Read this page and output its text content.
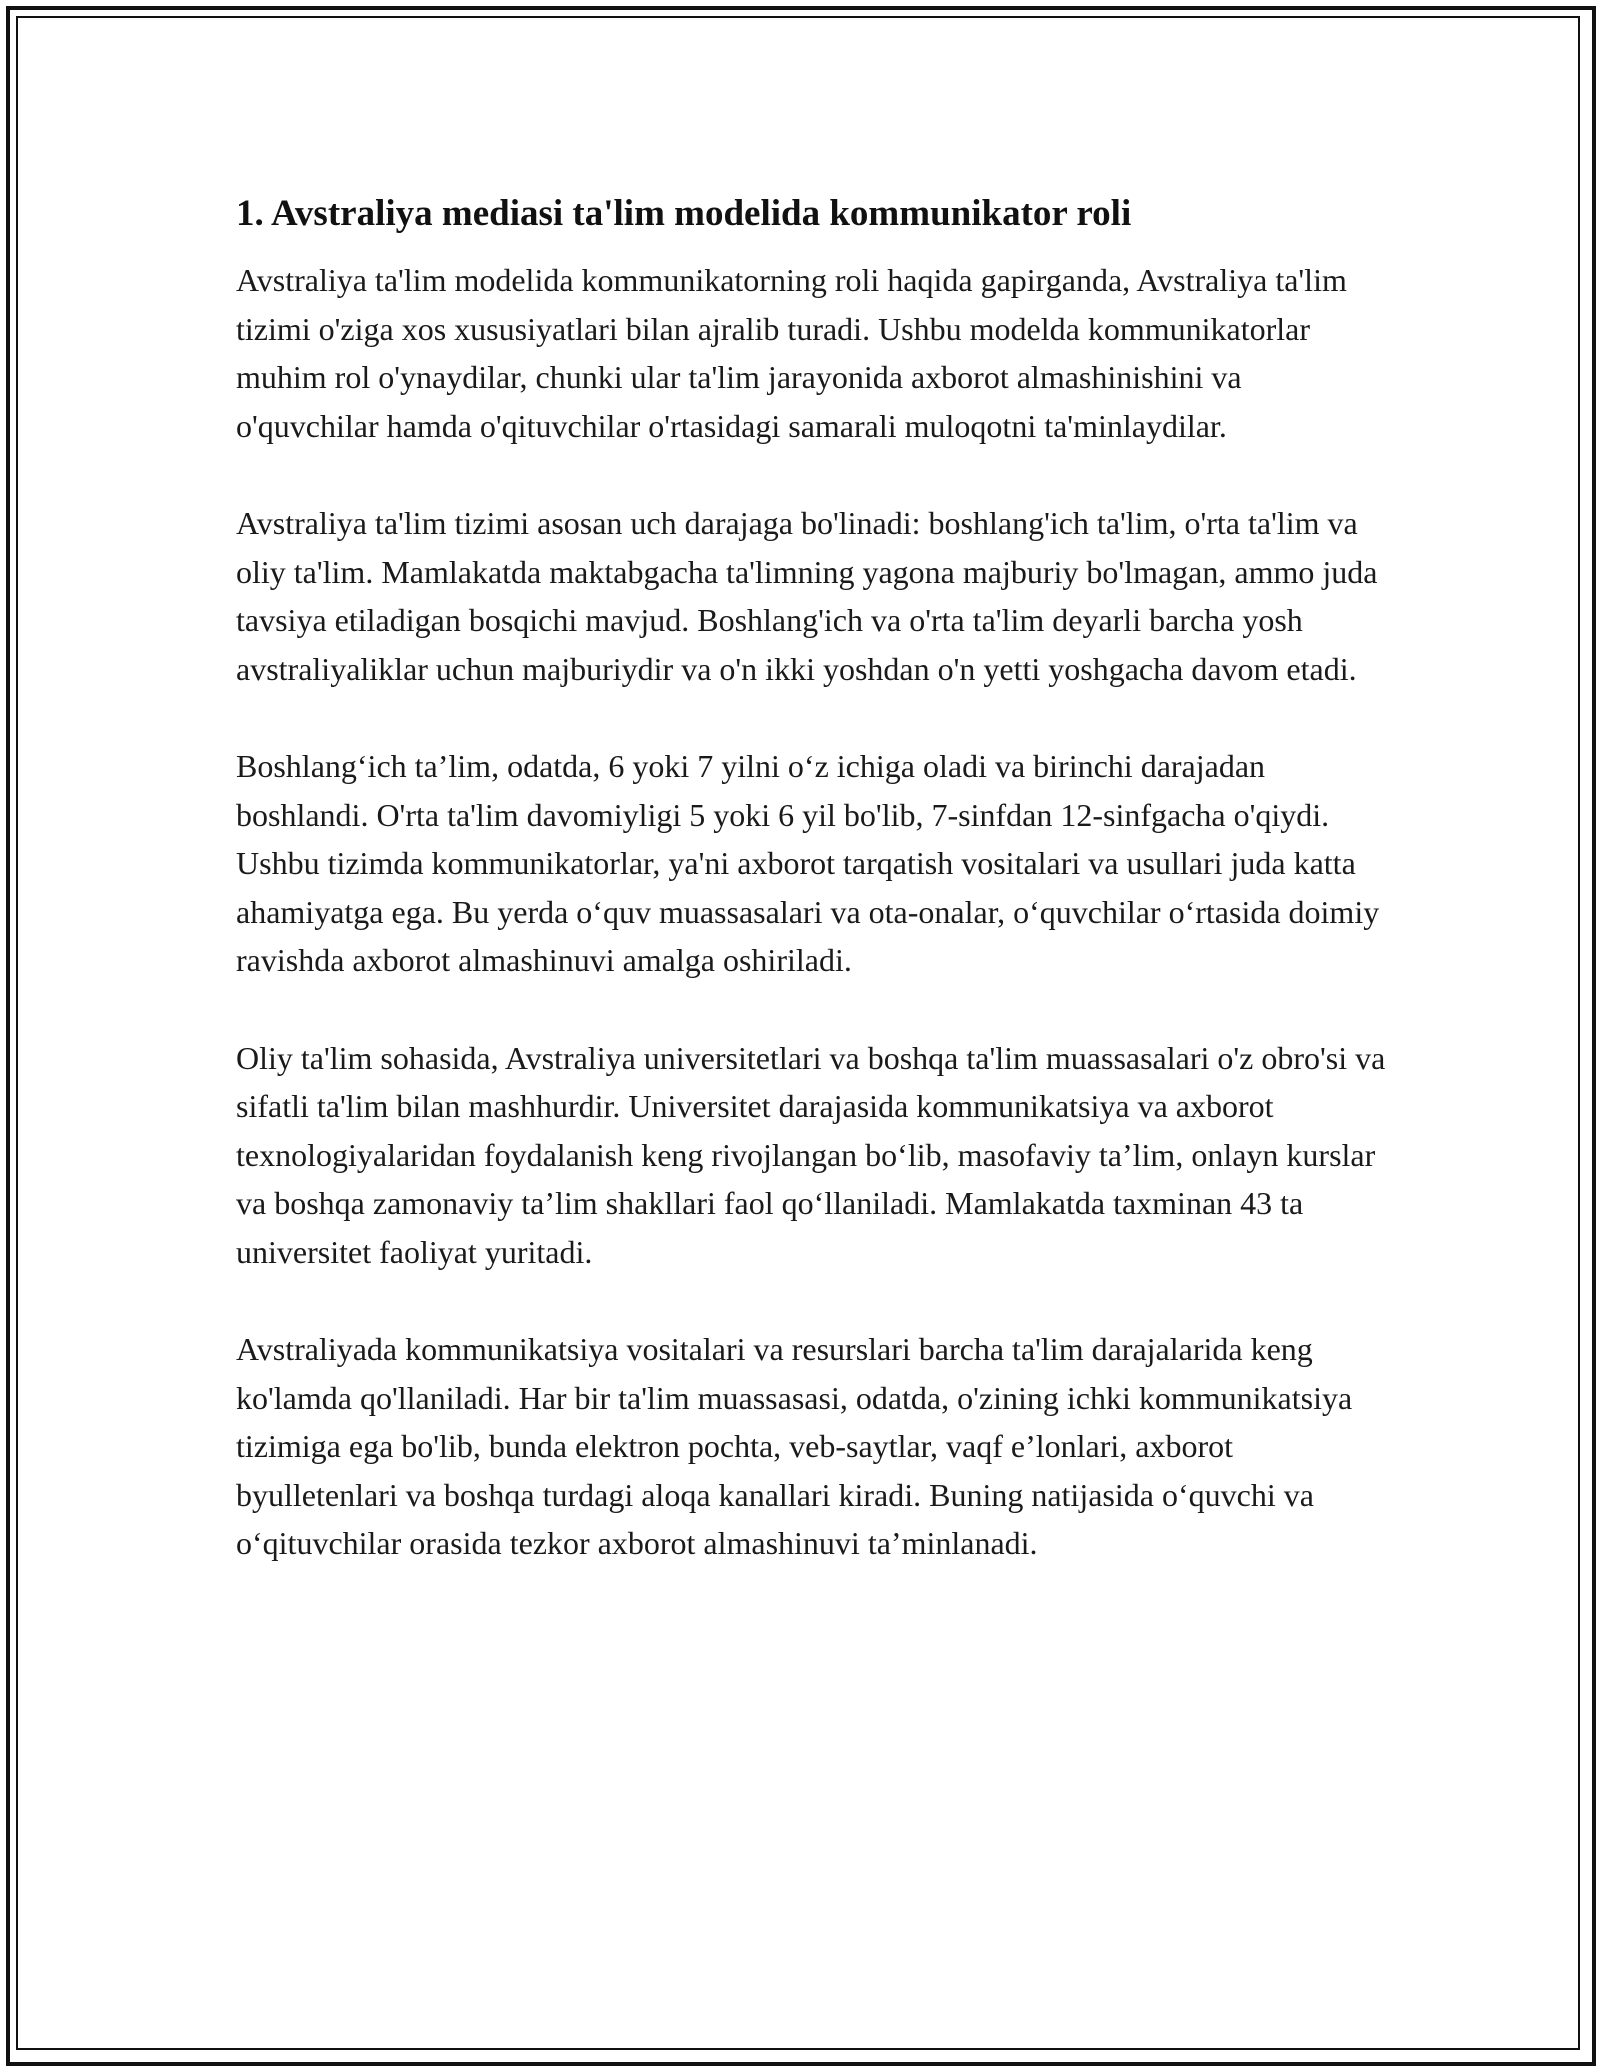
1. Avstraliya mediasi ta'lim modelida kommunikator roli

Avstraliya ta'lim modelida kommunikatorning roli haqida gapirganda, Avstraliya ta'lim tizimi o'ziga xos xususiyatlari bilan ajralib turadi. Ushbu modelda kommunikatorlar muhim rol o'ynaydilar, chunki ular ta'lim jarayonida axborot almashinishini va o'quvchilar hamda o'qituvchilar o'rtasidagi samarali muloqotni ta'minlaydilar.

Avstraliya ta'lim tizimi asosan uch darajaga bo'linadi: boshlang'ich ta'lim, o'rta ta'lim va oliy ta'lim. Mamlakatda maktabgacha ta'limning yagona majburiy bo'lmagan, ammo juda tavsiya etiladigan bosqichi mavjud. Boshlang'ich va o'rta ta'lim deyarli barcha yosh avstraliyaliklar uchun majburiydir va o'n ikki yoshdan o'n yetti yoshgacha davom etadi.

Boshlang‘ich ta’lim, odatda, 6 yoki 7 yilni o‘z ichiga oladi va birinchi darajadan boshlandi. O'rta ta'lim davomiyligi 5 yoki 6 yil bo'lib, 7-sinfdan 12-sinfgacha o'qiydi. Ushbu tizimda kommunikatorlar, ya'ni axborot tarqatish vositalari va usullari juda katta ahamiyatga ega. Bu yerda o‘quv muassasalari va ota-onalar, o‘quvchilar o‘rtasida doimiy ravishda axborot almashinuvi amalga oshiriladi.

Oliy ta'lim sohasida, Avstraliya universitetlari va boshqa ta'lim muassasalari o'z obro'si va sifatli ta'lim bilan mashhurdir. Universitet darajasida kommunikatsiya va axborot texnologiyalaridan foydalanish keng rivojlangan bo‘lib, masofaviy ta’lim, onlayn kurslar va boshqa zamonaviy ta’lim shakllari faol qo‘llaniladi. Mamlakatda taxminan 43 ta universitet faoliyat yuritadi.

Avstraliyada kommunikatsiya vositalari va resurslari barcha ta'lim darajalarida keng ko'lamda qo'llaniladi. Har bir ta'lim muassasasi, odatda, o'zining ichki kommunikatsiya tizimiga ega bo'lib, bunda elektron pochta, veb-saytlar, vaqf e’lonlari, axborot byulletenlari va boshqa turdagi aloqa kanallari kiradi. Buning natijasida o‘quvchi va o‘qituvchilar orasida tezkor axborot almashinuvi ta’minlanadi.
